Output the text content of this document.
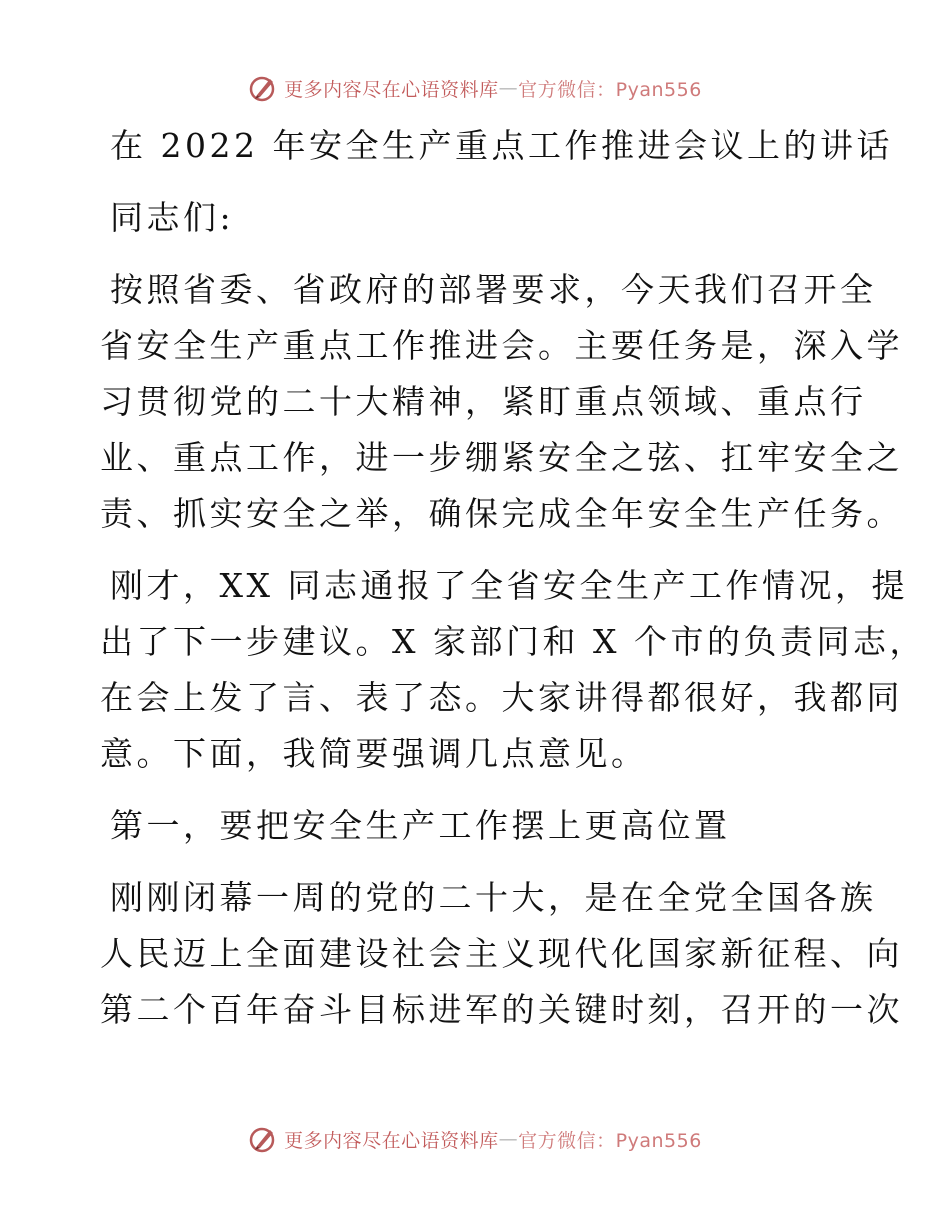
更多内容尽在心语资料库 — 官方微信：Pyan556
在 2022 年安全生产重点工作推进会议上的讲话
同志们:
按照省委、省政府的部署要求，今天我们召开全
省安全生产重点工作推进会。主要任务是，深入学
习贯彻党的二十大精神，紧盯重点领域、重点行
业、重点工作，进一步绷紧安全之弦、扛牢安全之
责、抓实安全之举，确保完成全年安全生产任务。
刚才，XX 同志通报了全省安全生产工作情况，提
出了下一步建议。X 家部门和 X 个市的负责同志，
在会上发了言、表了态。大家讲得都很好，我都同
意。下面，我简要强调几点意见。
第一，要把安全生产工作摆上更高位置
刚刚闭幕一周的党的二十大，是在全党全国各族
人民迈上全面建设社会主义现代化国家新征程、向
第二个百年奋斗目标进军的关键时刻，召开的一次
更多内容尽在心语资料库 — 官方微信：Pyan556
